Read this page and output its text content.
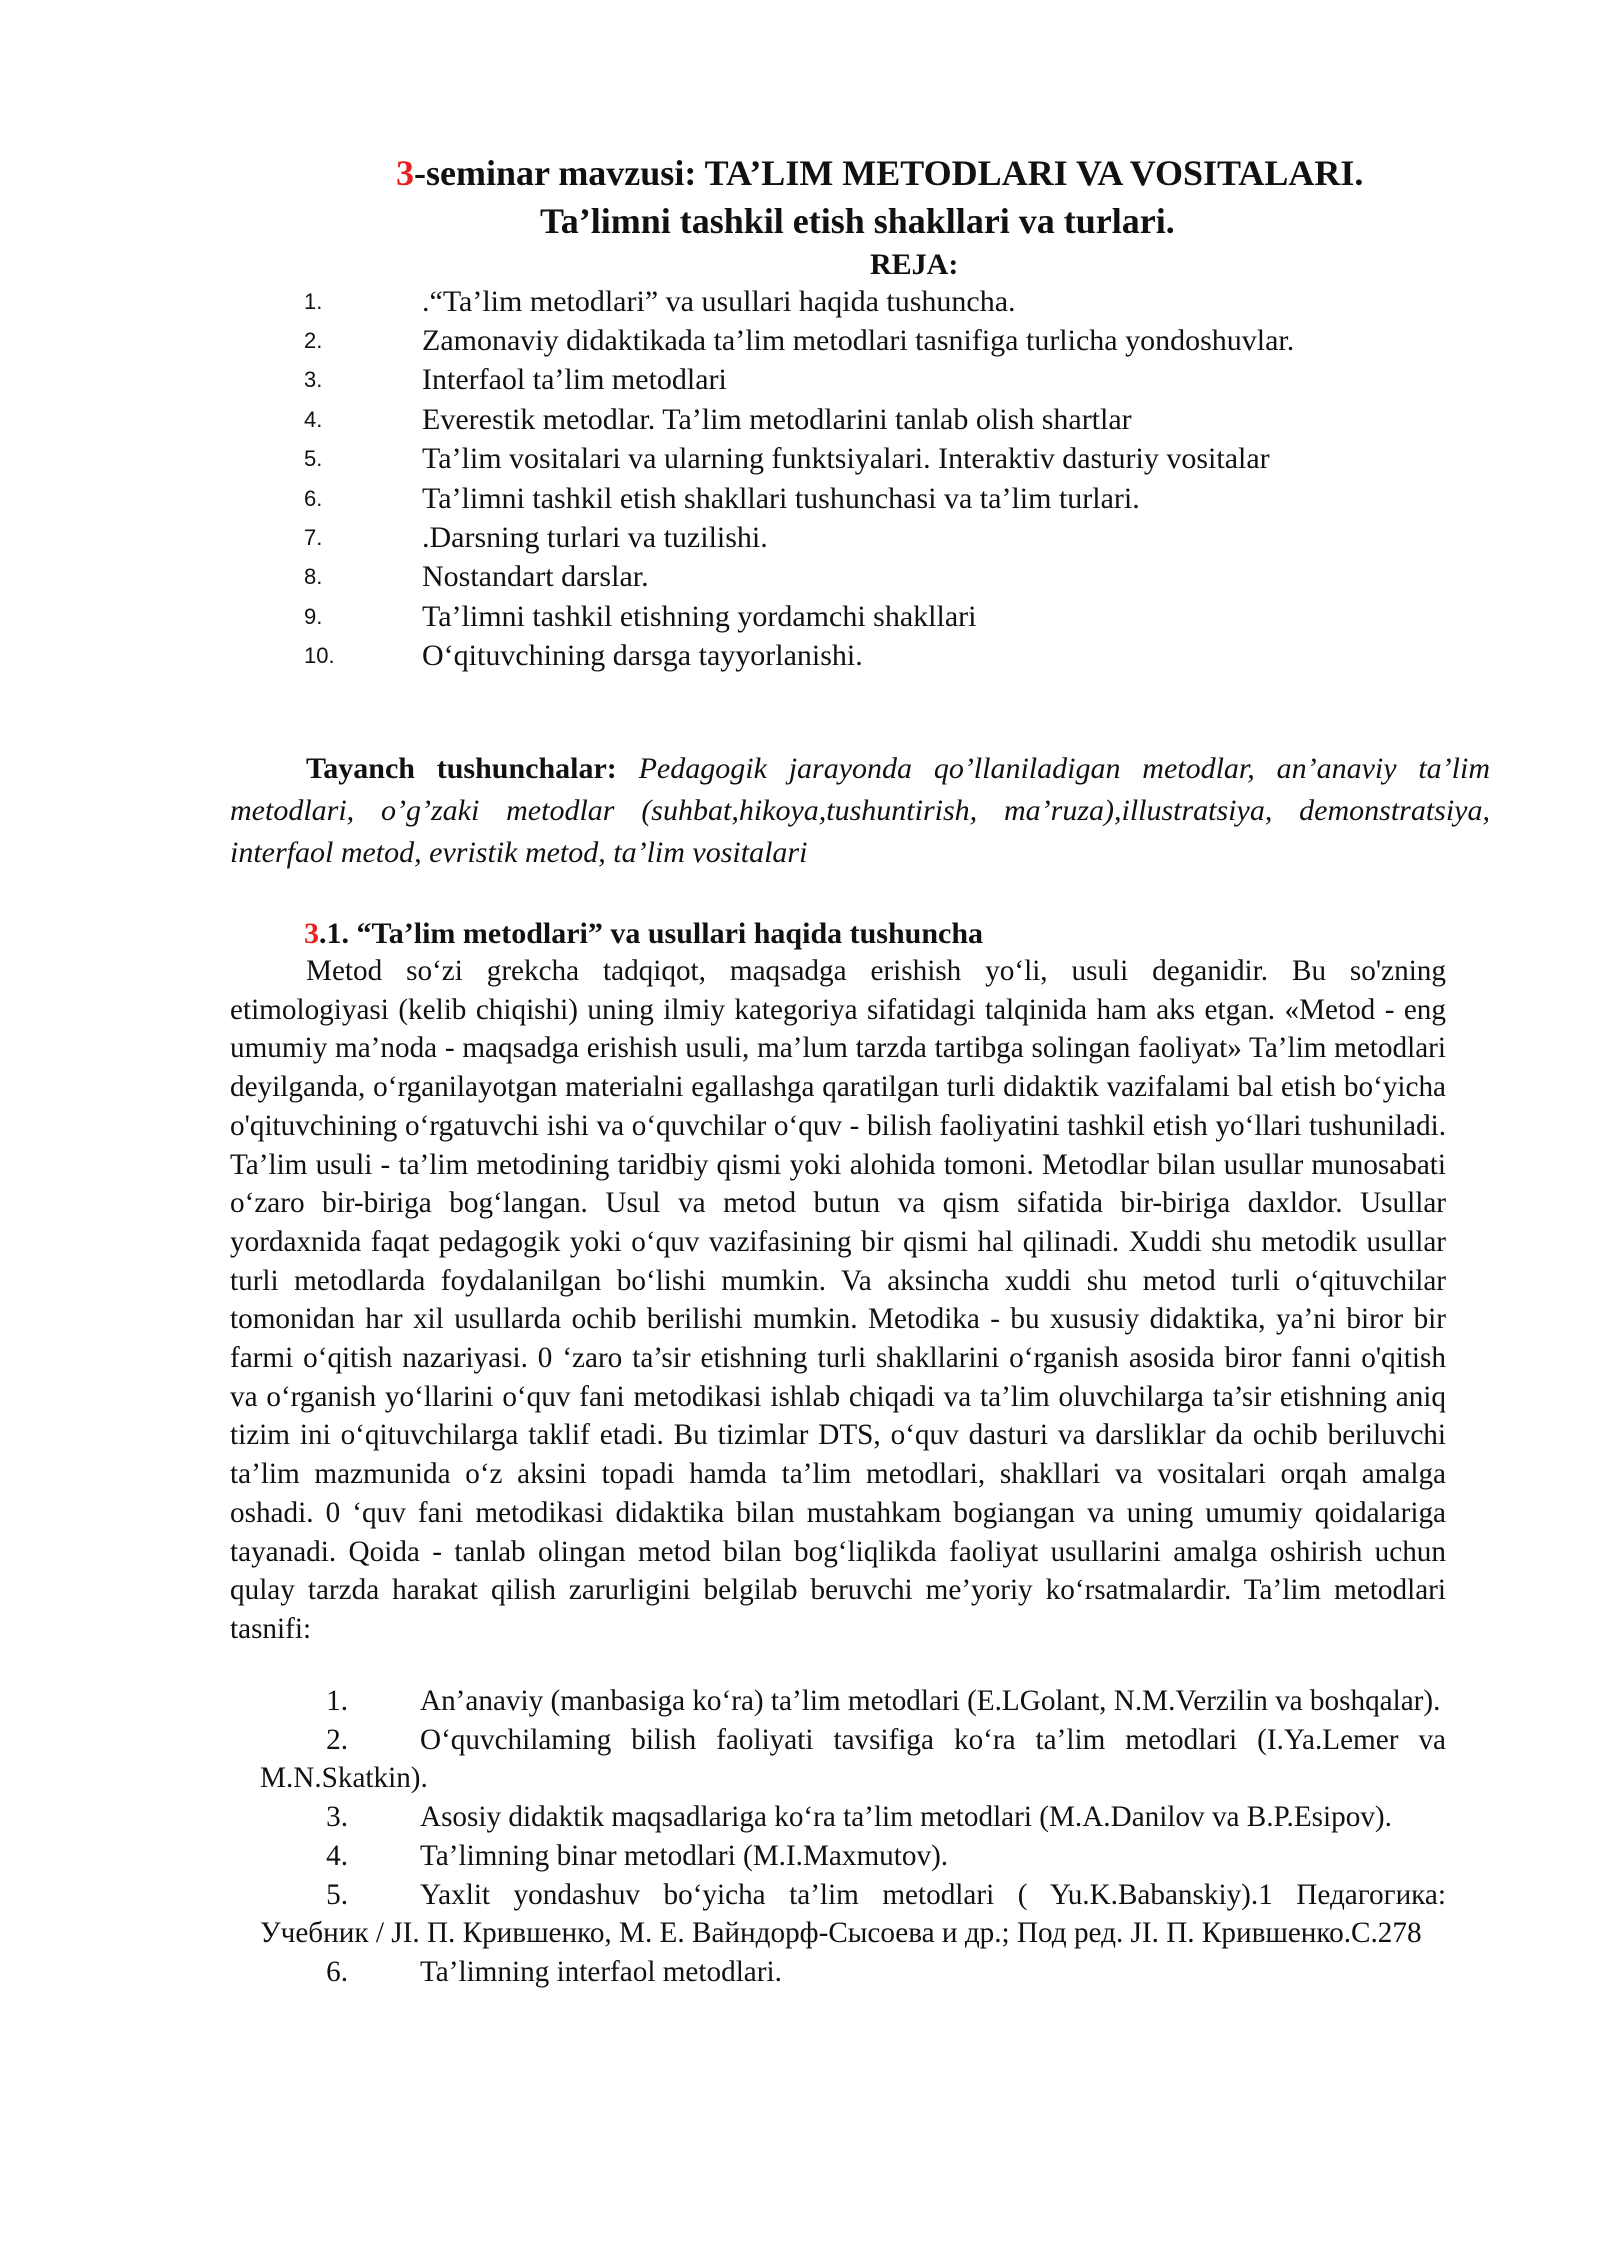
3-seminar mavzusi: TA’LIM METODLARI VA VOSITALARI.
Ta’limni tashkil etish shakllari va turlari.
REJA:
1.	.“Ta’lim metodlari” va usullari haqida tushuncha.
2.	Zamonaviy didaktikada ta’lim metodlari tasnifiga turlicha yondoshuvlar.
3.	Interfaol ta’lim metodlari
4.	Everestik metodlar. Ta’lim metodlarini tanlab olish shartlar
5.	Ta’lim vositalari va ularning funktsiyalari. Interaktiv dasturiy vositalar
6.	Ta’limni tashkil etish shakllari tushunchasi va ta’lim turlari.
7.	.Darsning turlari va tuzilishi.
8.	Nostandart darslar.
9.	Ta’limni tashkil etishning yordamchi shakllari
10.	O‘qituvchining darsga tayyorlanishi.
Tayanch tushunchalar: Pedagogik jarayonda qo’llaniladigan metodlar, an’anaviy ta’lim metodlari, o’g’zaki metodlar (suhbat,hikoya,tushuntirish, ma’ruza),illustratsiya, demonstratsiya, interfaol metod, evristik metod, ta’lim vositalari
3.1. “Ta’lim metodlari” va usullari haqida tushuncha

Metod so‘zi grekcha tadqiqot, maqsadga erishish yo‘li, usuli deganidir. Bu so'zning etimologiyasi (kelib chiqishi) uning ilmiy kategoriya sifatidagi talqinida ham aks etgan. «Metod - eng umumiy ma’noda - maqsadga erishish usuli, ma’lum tarzda tartibga solingan faoliyat» Ta’lim metodlari deyilganda, o‘rganilayotgan materialni egallashga qaratilgan turli didaktik vazifalami bal etish bo‘yicha o'qituvchining o‘rgatuvchi ishi va o‘quvchilar o‘quv - bilish faoliyatini tashkil etish yo‘llari tushuniladi. Ta’lim usuli - ta’lim metodining taridbiy qismi yoki alohida tomoni. Metodlar bilan usullar munosabati o‘zaro bir-biriga bog‘langan. Usul va metod butun va qism sifatida bir-biriga daxldor. Usullar yordaxnida faqat pedagogik yoki o‘quv vazifasining bir qismi hal qilinadi. Xuddi shu metodik usullar turli metodlarda foydalanilgan bo‘lishi mumkin. Va aksincha xuddi shu metod turli o‘qituvchilar tomonidan har xil usullarda ochib berilishi mumkin. Metodika - bu xususiy didaktika, ya’ni biror bir farmi o‘qitish nazariyasi. 0 ‘zaro ta’sir etishning turli shakllarini o‘rganish asosida biror fanni o'qitish va o‘rganish yo‘llarini o‘quv fani metodikasi ishlab chiqadi va ta’lim oluvchilarga ta’sir etishning aniq tizim ini o‘qituvchilarga taklif etadi. Bu tizimlar DTS, o‘quv dasturi va darsliklar da ochib beriluvchi ta’lim mazmunida o‘z aksini topadi hamda ta’lim metodlari, shakllari va vositalari orqah amalga oshadi. 0 ‘quv fani metodikasi didaktika bilan mustahkam bogiangan va uning umumiy qoidalariga tayanadi. Qoida - tanlab olingan metod bilan bog‘liqlikda faoliyat usullarini amalga oshirish uchun qulay tarzda harakat qilish zarurligini belgilab beruvchi me’yoriy ko‘rsatmalardir. Ta’lim metodlari tasnifi:

1. An’anaviy (manbasiga ko‘ra) ta’lim metodlari (E.LGolant, N.M.Verzilin va boshqalar).
2. O‘quvchilaming bilish faoliyati tavsifiga ko‘ra ta’lim metodlari (I.Ya.Lemer va M.N.Skatkin).
3. Asosiy didaktik maqsadlariga ko‘ra ta’lim metodlari (M.A.Danilov va B.P.Esipov).
4. Ta’limning binar metodlari (M.I.Maxmutov).
5. Yaxlit yondashuv bo‘yicha ta’lim metodlari ( Yu.K.Babanskiy).1 Педагогика: Учебник / JI. П. Крившенко, М. Е. Вайндорф-Сысоева и др.; Под ред. JI. П. Крившенко.С.278
6. Ta’limning interfaol metodlari.
